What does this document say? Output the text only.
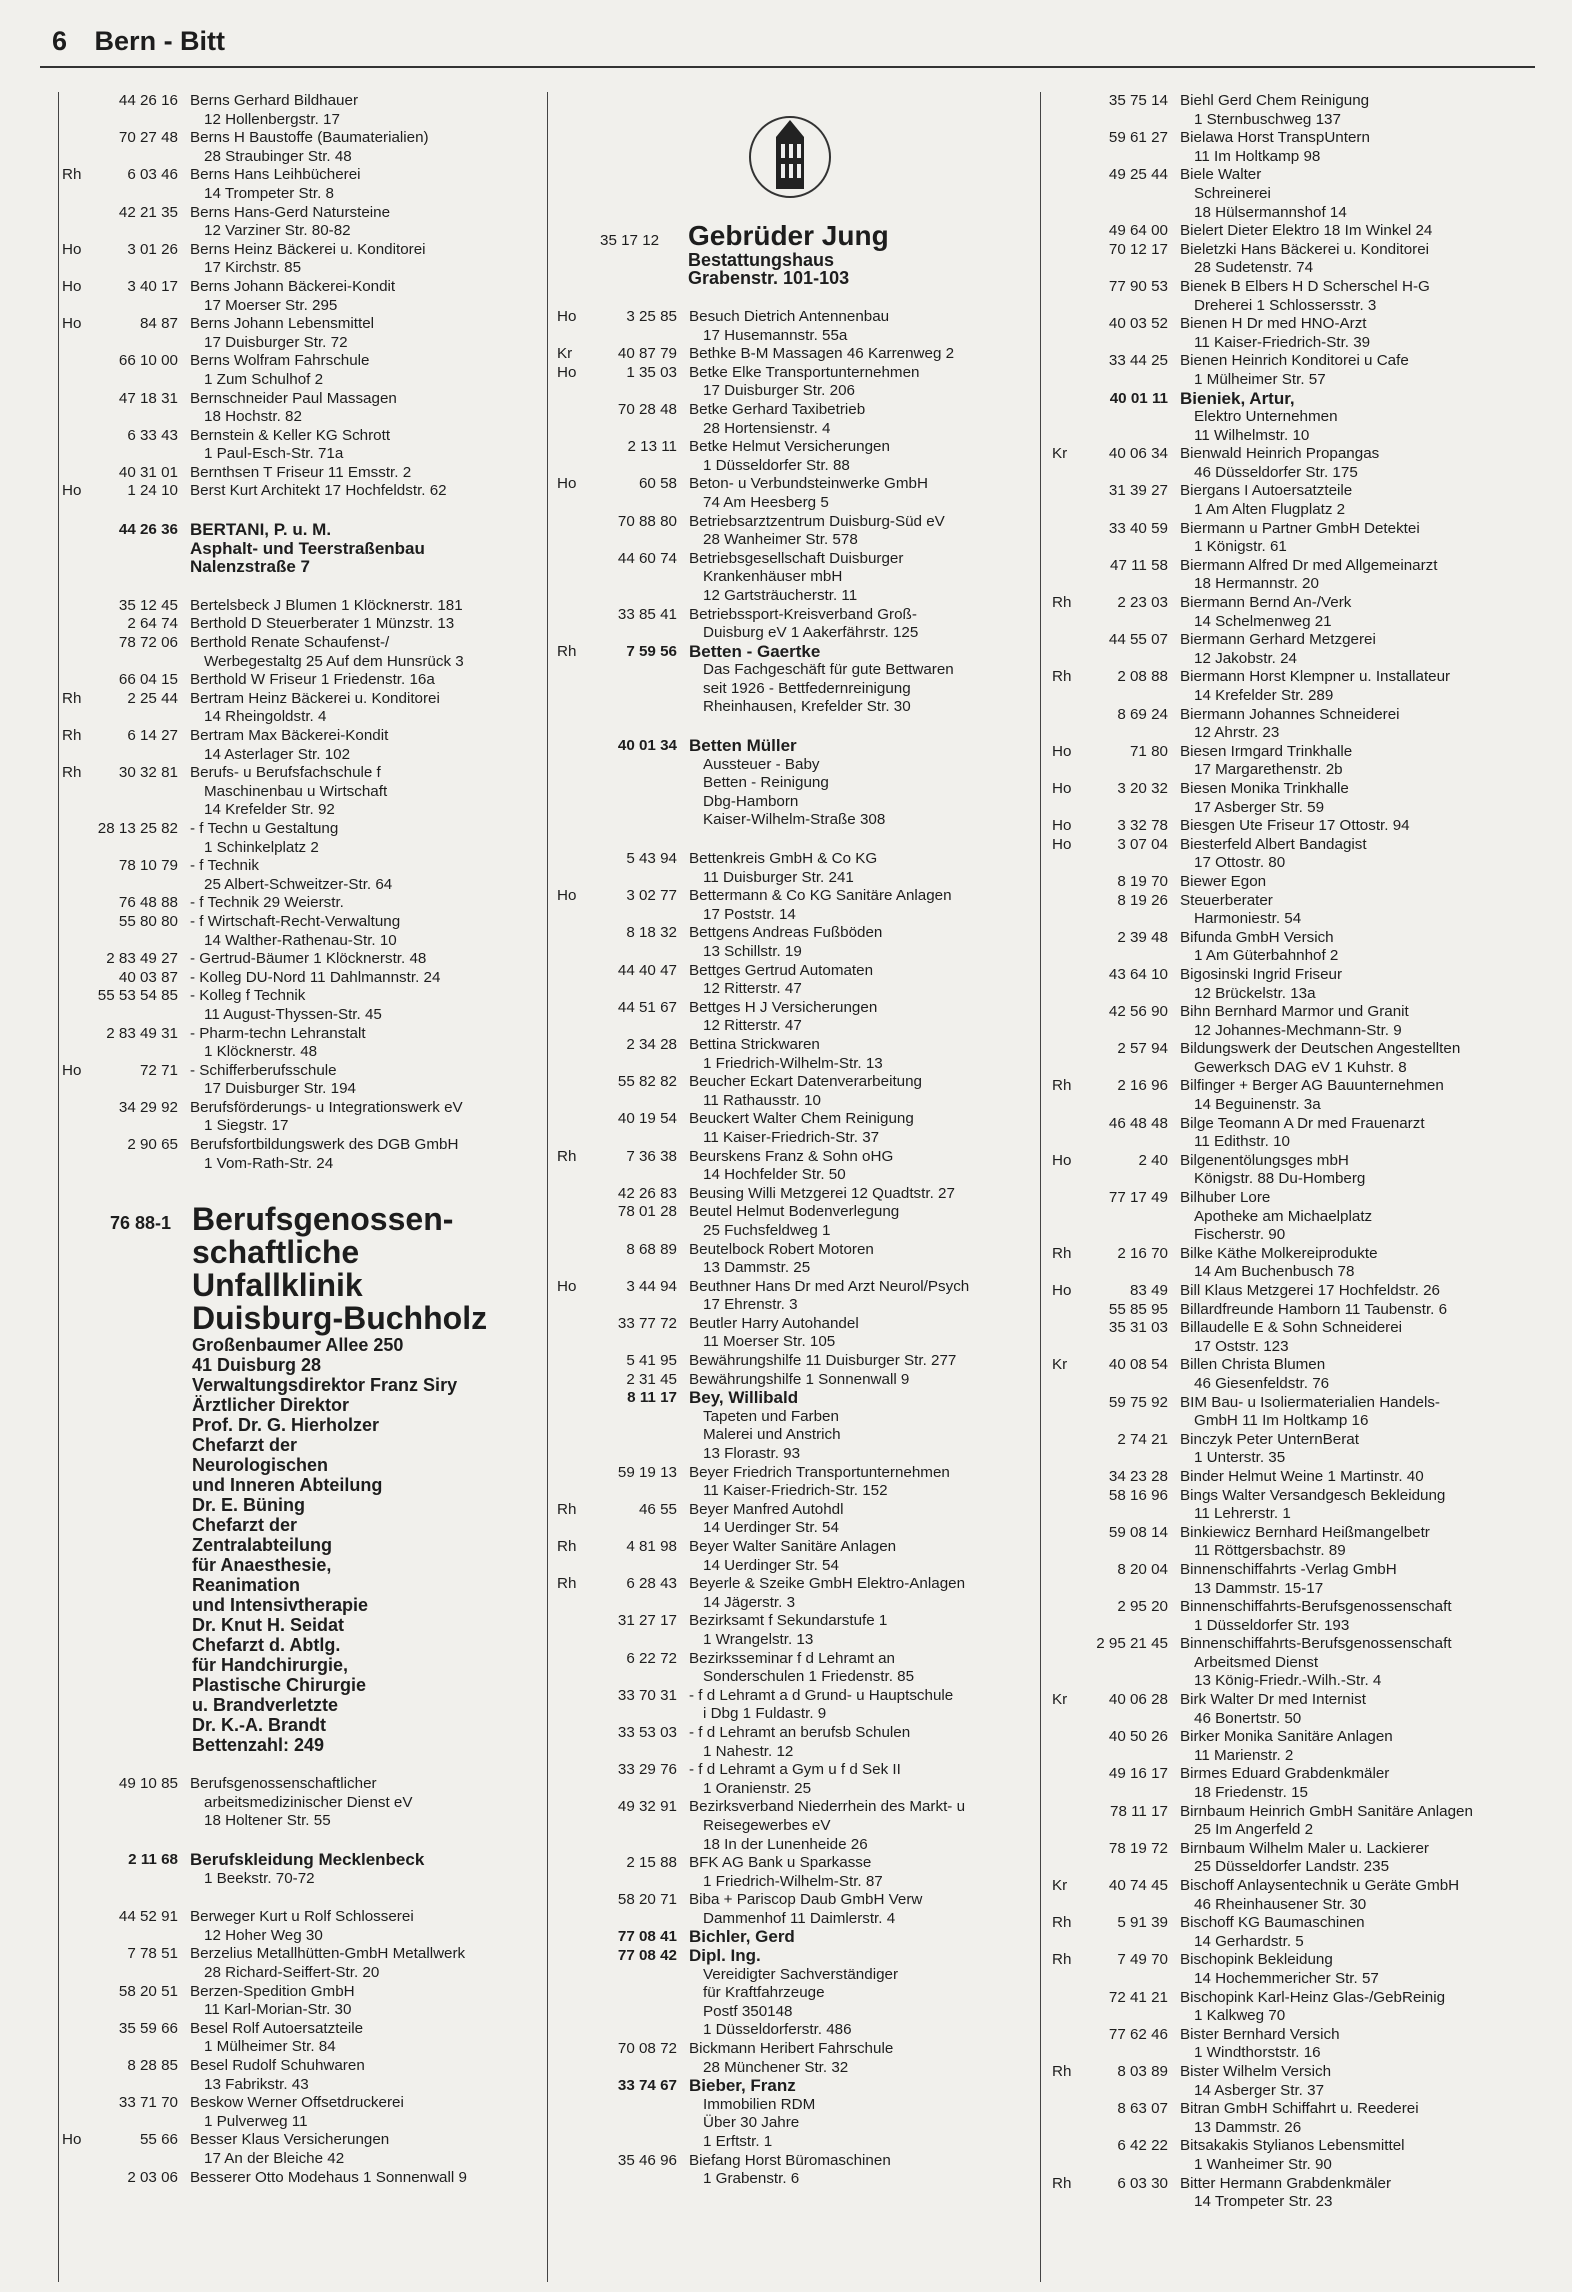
6 Bern - Bitt
44 26 16 Berns Gerhard Bildhauer
12 Hollenbergstr. 17
70 27 48 Berns H Baustoffe (Baumaterialien)
28 Straubinger Str. 48
Rh	6 03 46 Berns Hans Leihbücherei
14 Trompeter Str. 8
42 21 35 Berns Hans-Gerd Natursteine
12 Varziner Str. 80-82
Ho	3 01 26 Berns Heinz Bäckerei u. Konditorei
17 Kirchstr. 85
Ho	3 40 17 Berns Johann Bäckerei-Kondit
17 Moerser Str. 295
Ho	84 87 Berns Johann Lebensmittel
17 Duisburger Str. 72
66 10 00 Berns Wolfram Fahrschule
1 Zum Schulhof 2
47 18 31 Bernschneider Paul Massagen
18 Hochstr. 82
6 33 43 Bernstein & Keller KG Schrott
1 Paul-Esch-Str. 71a
40 31 01 Bernthsen T Friseur 11 Emsstr. 2
Ho	1 24 10 Berst Kurt Architekt 17 Hochfeldstr. 62
44 26 36 BERTANI, P. u. M.
Asphalt- und Teerstraßenbau
Nalenzstraße 7
35 12 45 Bertelsbeck J Blumen 1 Klöcknerstr. 181
2 64 74 Berthold D Steuerberater 1 Münzstr. 13
78 72 06 Berthold Renate Schaufenst-/
Werbegestaltg 25 Auf dem Hunsrück 3
66 04 15 Berthold W Friseur 1 Friedenstr. 16a
Rh	2 25 44 Bertram Heinz Bäckerei u. Konditorei
14 Rheingoldstr. 4
Rh	6 14 27 Bertram Max Bäckerei-Kondit
14 Asterlager Str. 102
Rh	30 32 81 Berufs- u Berufsfachschule f
Maschinenbau u Wirtschaft
14 Krefelder Str. 92
28 13 25 82 - f Techn u Gestaltung
1 Schinkelplatz 2
78 10 79 - f Technik
25 Albert-Schweitzer-Str. 64
76 48 88 - f Technik 29 Weierstr.
55 80 80 - f Wirtschaft-Recht-Verwaltung
14 Walther-Rathenau-Str. 10
2 83 49 27 - Gertrud-Bäumer 1 Klöcknerstr. 48
40 03 87 - Kolleg DU-Nord 11 Dahlmannstr. 24
55 53 54 85 - Kolleg f Technik
11 August-Thyssen-Str. 45
2 83 49 31 - Pharm-techn Lehranstalt
1 Klöcknerstr. 48
Ho	72 71 - Schifferberufsschule
17 Duisburger Str. 194
34 29 92 Berufsförderungs- u Integrationswerk eV
1 Siegstr. 17
2 90 65 Berufsfortbildungswerk des DGB GmbH
1 Vom-Rath-Str. 24
76 88-1 Berufsgenossen-
schaftliche
Unfallklinik
Duisburg-Buchholz
Großenbaumer Allee 250
41 Duisburg 28
Verwaltungsdirektor Franz Siry
Ärztlicher Direktor
Prof. Dr. G. Hierholzer
Chefarzt der
Neurologischen
und Inneren Abteilung
Dr. E. Büning
Chefarzt der
Zentralabteilung
für Anaesthesie,
Reanimation
und Intensivtherapie
Dr. Knut H. Seidat
Chefarzt d. Abtlg.
für Handchirurgie,
Plastische Chirurgie
u. Brandverletzte
Dr. K.-A. Brandt
Bettenzahl: 249
49 10 85 Berufsgenossenschaftlicher
arbeitsmedizinischer Dienst eV
18 Holtener Str. 55
2 11 68 Berufskleidung Mecklenbeck
1 Beekstr. 70-72
44 52 91 Berweger Kurt u Rolf Schlosserei
12 Hoher Weg 30
7 78 51 Berzelius Metallhütten-GmbH Metallwerk
28 Richard-Seiffert-Str. 20
58 20 51 Berzen-Spedition GmbH
11 Karl-Morian-Str. 30
35 59 66 Besel Rolf Autoersatzteile
1 Mülheimer Str. 84
8 28 85 Besel Rudolf Schuhwaren
13 Fabrikstr. 43
33 71 70 Beskow Werner Offsetdruckerei
1 Pulverweg 11
Ho	55 66 Besser Klaus Versicherungen
17 An der Bleiche 42
2 03 06 Besserer Otto Modehaus 1 Sonnenwall 9
35 17 12 Gebrüder Jung
Bestattungshaus
Grabenstr. 101-103
Ho	3 25 85 Besuch Dietrich Antennenbau
17 Husemannstr. 55a
Kr	40 87 79 Bethke B-M Massagen 46 Karrenweg 2
Ho	1 35 03 Betke Elke Transportunternehmen
17 Duisburger Str. 206
70 28 48 Betke Gerhard Taxibetrieb
28 Hortensienstr. 4
2 13 11 Betke Helmut Versicherungen
1 Düsseldorfer Str. 88
Ho	60 58 Beton- u Verbundsteinwerke GmbH
74 Am Heesberg 5
70 88 80 Betriebsarztzentrum Duisburg-Süd eV
28 Wanheimer Str. 578
44 60 74 Betriebsgesellschaft Duisburger
Krankenhäuser mbH
12 Gartsträucherstr. 11
33 85 41 Betriebssport-Kreisverband Groß-
Duisburg eV 1 Aakerfährstr. 125
Rh	7 59 56 Betten - Gaertke
Das Fachgeschäft für gute Bettwaren
seit 1926 - Bettfedernreinigung
Rheinhausen, Krefelder Str. 30
40 01 34 Betten Müller
Aussteuer - Baby
Betten - Reinigung
Dbg-Hamborn
Kaiser-Wilhelm-Straße 308
5 43 94 Bettenkreis GmbH & Co KG
11 Duisburger Str. 241
Ho	3 02 77 Bettermann & Co KG Sanitäre Anlagen
17 Poststr. 14
8 18 32 Bettgens Andreas Fußböden
13 Schillstr. 19
44 40 47 Bettges Gertrud Automaten
12 Ritterstr. 47
44 51 67 Bettges H J Versicherungen
12 Ritterstr. 47
2 34 28 Bettina Strickwaren
1 Friedrich-Wilhelm-Str. 13
55 82 82 Beucher Eckart Datenverarbeitung
11 Rathausstr. 10
40 19 54 Beuckert Walter Chem Reinigung
11 Kaiser-Friedrich-Str. 37
Rh	7 36 38 Beurskens Franz & Sohn oHG
14 Hochfelder Str. 50
42 26 83 Beusing Willi Metzgerei 12 Quadtstr. 27
78 01 28 Beutel Helmut Bodenverlegung
25 Fuchsfeldweg 1
8 68 89 Beutelbock Robert Motoren
13 Dammstr. 25
Ho	3 44 94 Beuthner Hans Dr med Arzt Neurol/Psych
17 Ehrenstr. 3
33 77 72 Beutler Harry Autohandel
11 Moerser Str. 105
5 41 95 Bewährungshilfe 11 Duisburger Str. 277
2 31 45 Bewährungshilfe 1 Sonnenwall 9
8 11 17 Bey, Willibald
Tapeten und Farben
Malerei und Anstrich
13 Florastr. 93
59 19 13 Beyer Friedrich Transportunternehmen
11 Kaiser-Friedrich-Str. 152
Rh	46 55 Beyer Manfred Autohdl
14 Uerdinger Str. 54
Rh	4 81 98 Beyer Walter Sanitäre Anlagen
14 Uerdinger Str. 54
Rh	6 28 43 Beyerle & Szeike GmbH Elektro-Anlagen
14 Jägerstr. 3
31 27 17 Bezirksamt f Sekundarstufe 1
1 Wrangelstr. 13
6 22 72 Bezirksseminar f d Lehramt an
Sonderschulen 1 Friedenstr. 85
33 70 31 - f d Lehramt a d Grund- u Hauptschule
i Dbg 1 Fuldastr. 9
33 53 03 - f d Lehramt an berufsb Schulen
1 Nahestr. 12
33 29 76 - f d Lehramt a Gym u f d Sek II
1 Oranienstr. 25
49 32 91 Bezirksverband Niederrhein des Markt- u
Reisegewerbes eV
18 In der Lunenheide 26
2 15 88 BFK AG Bank u Sparkasse
1 Friedrich-Wilhelm-Str. 87
58 20 71 Biba + Pariscop Daub GmbH Verw
Dammenhof 11 Daimlerstr. 4
77 08 41 Bichler, Gerd
77 08 42 Dipl. Ing.
Vereidigter Sachverständiger
für Kraftfahrzeuge
Postf 350148
1 Düsseldorferstr. 486
70 08 72 Bickmann Heribert Fahrschule
28 Münchener Str. 32
33 74 67 Bieber, Franz
Immobilien RDM
Über 30 Jahre
1 Erftstr. 1
35 46 96 Biefang Horst Büromaschinen
1 Grabenstr. 6
35 75 14 Biehl Gerd Chem Reinigung
1 Sternbuschweg 137
59 61 27 Bielawa Horst TranspUntern
11 Im Holtkamp 98
49 25 44 Biele Walter
Schreinerei
18 Hülsermannshof 14
49 64 00 Bielert Dieter Elektro 18 Im Winkel 24
70 12 17 Bieletzki Hans Bäckerei u. Konditorei
28 Sudetenstr. 74
77 90 53 Bienek B Elbers H D Scherschel H-G
Dreherei 1 Schlossersstr. 3
40 03 52 Bienen H Dr med HNO-Arzt
11 Kaiser-Friedrich-Str. 39
33 44 25 Bienen Heinrich Konditorei u Cafe
1 Mülheimer Str. 57
40 01 11 Bieniek, Artur,
Elektro Unternehmen
11 Wilhelmstr. 10
Kr	40 06 34 Bienwald Heinrich Propangas
46 Düsseldorfer Str. 175
31 39 27 Biergans I Autoersatzteile
1 Am Alten Flugplatz 2
33 40 59 Biermann u Partner GmbH Detektei
1 Königstr. 61
47 11 58 Biermann Alfred Dr med Allgemeinarzt
18 Hermannstr. 20
Rh	2 23 03 Biermann Bernd An-/Verk
14 Schelmenweg 21
44 55 07 Biermann Gerhard Metzgerei
12 Jakobstr. 24
Rh	2 08 88 Biermann Horst Klempner u. Installateur
14 Krefelder Str. 289
8 69 24 Biermann Johannes Schneiderei
12 Ahrstr. 23
Ho	71 80 Biesen Irmgard Trinkhalle
17 Margarethenstr. 2b
Ho	3 20 32 Biesen Monika Trinkhalle
17 Asberger Str. 59
Ho	3 32 78 Biesgen Ute Friseur 17 Ottostr. 94
Ho	3 07 04 Biesterfeld Albert Bandagist
17 Ottostr. 80
8 19 70 Biewer Egon
8 19 26 Steuerberater
Harmoniestr. 54
2 39 48 Bifunda GmbH Versich
1 Am Güterbahnhof 2
43 64 10 Bigosinski Ingrid Friseur
12 Brückelstr. 13a
42 56 90 Bihn Bernhard Marmor und Granit
12 Johannes-Mechmann-Str. 9
2 57 94 Bildungswerk der Deutschen Angestellten
Gewerksch DAG eV 1 Kuhstr. 8
Rh	2 16 96 Bilfinger + Berger AG Bauunternehmen
14 Beguinenstr. 3a
46 48 48 Bilge Teomann A Dr med Frauenarzt
11 Edithstr. 10
Ho	2 40 Bilgenentölungsges mbH
Königstr. 88 Du-Homberg
77 17 49 Bilhuber Lore
Apotheke am Michaelplatz
Fischerstr. 90
Rh	2 16 70 Bilke Käthe Molkereiprodukte
14 Am Buchenbusch 78
Ho	83 49 Bill Klaus Metzgerei 17 Hochfeldstr. 26
55 85 95 Billardfreunde Hamborn 11 Taubenstr. 6
35 31 03 Billaudelle E & Sohn Schneiderei
17 Oststr. 123
Kr	40 08 54 Billen Christa Blumen
46 Giesenfeldstr. 76
59 75 92 BIM Bau- u Isoliermaterialien Handels-
GmbH 11 Im Holtkamp 16
2 74 21 Binczyk Peter UnternBerat
1 Unterstr. 35
34 23 28 Binder Helmut Weine 1 Martinstr. 40
58 16 96 Bings Walter Versandgesch Bekleidung
11 Lehrerstr. 1
59 08 14 Binkiewicz Bernhard Heißmangelbetr
11 Röttgersbachstr. 89
8 20 04 Binnenschiffahrts -Verlag GmbH
13 Dammstr. 15-17
2 95 20 Binnenschiffahrts-Berufsgenossenschaft
1 Düsseldorfer Str. 193
2 95 21 45 Binnenschiffahrts-Berufsgenossenschaft
Arbeitsmed Dienst
13 König-Friedr.-Wilh.-Str. 4
Kr	40 06 28 Birk Walter Dr med Internist
46 Bonertstr. 50
40 50 26 Birker Monika Sanitäre Anlagen
11 Marienstr. 2
49 16 17 Birmes Eduard Grabdenkmäler
18 Friedenstr. 15
78 11 17 Birnbaum Heinrich GmbH Sanitäre Anlagen
25 Im Angerfeld 2
78 19 72 Birnbaum Wilhelm Maler u. Lackierer
25 Düsseldorfer Landstr. 235
Kr	40 74 45 Bischoff Anlaysentechnik u Geräte GmbH
46 Rheinhausener Str. 30
Rh	5 91 39 Bischoff KG Baumaschinen
14 Gerhardstr. 5
Rh	7 49 70 Bischopink Bekleidung
14 Hochemmericher Str. 57
72 41 21 Bischopink Karl-Heinz Glas-/GebReinig
1 Kalkweg 70
77 62 46 Bister Bernhard Versich
1 Windthorststr. 16
Rh	8 03 89 Bister Wilhelm Versich
14 Asberger Str. 37
8 63 07 Bitran GmbH Schiffahrt u. Reederei
13 Dammstr. 26
6 42 22 Bitsakakis Stylianos Lebensmittel
1 Wanheimer Str. 90
Rh	6 03 30 Bitter Hermann Grabdenkmäler
14 Trompeter Str. 23
